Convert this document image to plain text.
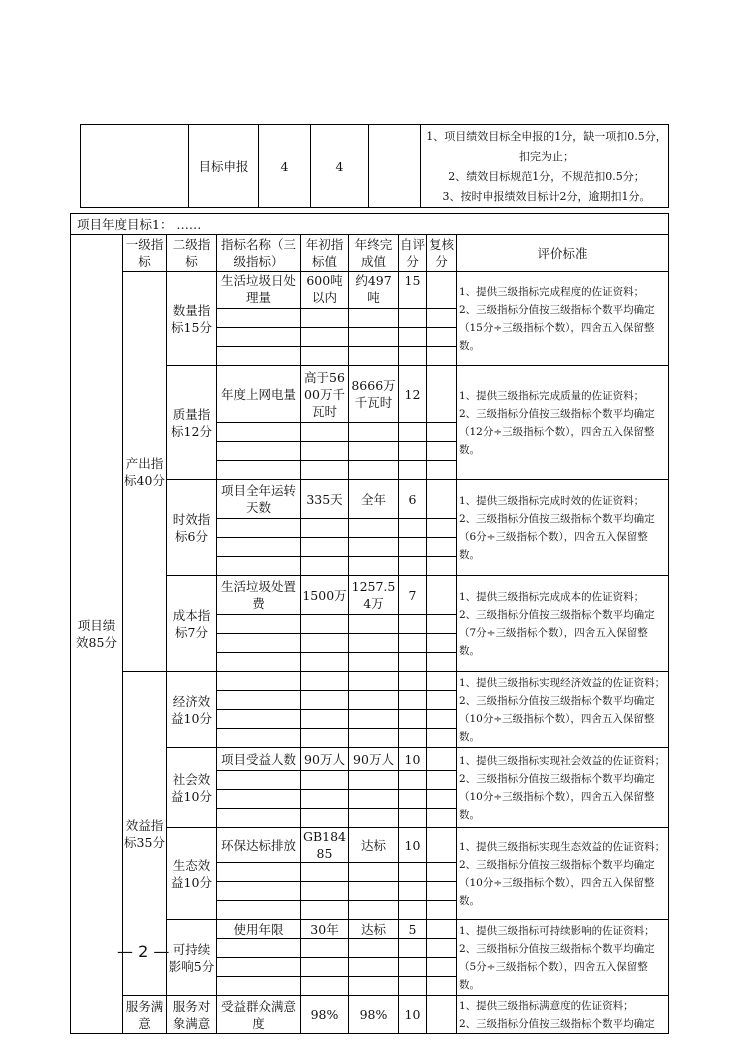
	目标申报	4	4		
1、项目绩效目标全申报的1分，缺一项扣0.5分，扣完为止；
2、绩效目标规范1分，不规范扣0.5分；
3、按时申报绩效目标计2分，逾期扣1分。
项目年度目标1： ……								
项目绩效85分	一级指标	二级指标	指标名称（三级指标）	年初指标值	年终完成值	自评分	复核分	评价标准
	产出指标40分	数量指标15分	生活垃圾日处理量	600吨以内	约497吨	15		1、提供三级指标完成程度的佐证资料；
2、三级指标分值按三级指标个数平均确定（15分÷三级指标个数），四舍五入保留整数。

		质量指标12分	年度上网电量	高于5600万千瓦时	8666万千瓦时	12		1、提供三级指标完成质量的佐证资料；
2、三级指标分值按三级指标个数平均确定（12分÷三级指标个数），四舍五入保留整数。

		时效指标6分	项目全年运转天数	335天	全年	6		1、提供三级指标完成时效的佐证资料；
2、三级指标分值按三级指标个数平均确定（6分÷三级指标个数），四舍五入保留整数。

		成本指标7分	生活垃圾处置费	1500万	1257.54万	7		1、提供三级指标完成成本的佐证资料；
2、三级指标分值按三级指标个数平均确定（7分÷三级指标个数），四舍五入保留整数。

	效益指标35分	经济效益10分						1、提供三级指标实现经济效益的佐证资料；
2、三级指标分值按三级指标个数平均确定（10分÷三级指标个数），四舍五入保留整数。

		社会效益10分	项目受益人数	90万人	90万人	10		1、提供三级指标实现社会效益的佐证资料；
2、三级指标分值按三级指标个数平均确定（10分÷三级指标个数），四舍五入保留整数。

		生态效益10分	环保达标排放	GB18485	达标	10		1、提供三级指标实现生态效益的佐证资料；
2、三级指标分值按三级指标个数平均确定（10分÷三级指标个数），四舍五入保留整数。

		可持续影响5分	使用年限	30年	达标	5		1、提供三级指标可持续影响的佐证资料；
2、三级指标分值按三级指标个数平均确定（5分÷三级指标个数），四舍五入保留整数。

	服务满意	服务对象满意	受益群众满意度	98%	98%	10		1、提供三级指标满意度的佐证资料；
2、三级指标分值按三级指标个数平均确定
— 2 —
